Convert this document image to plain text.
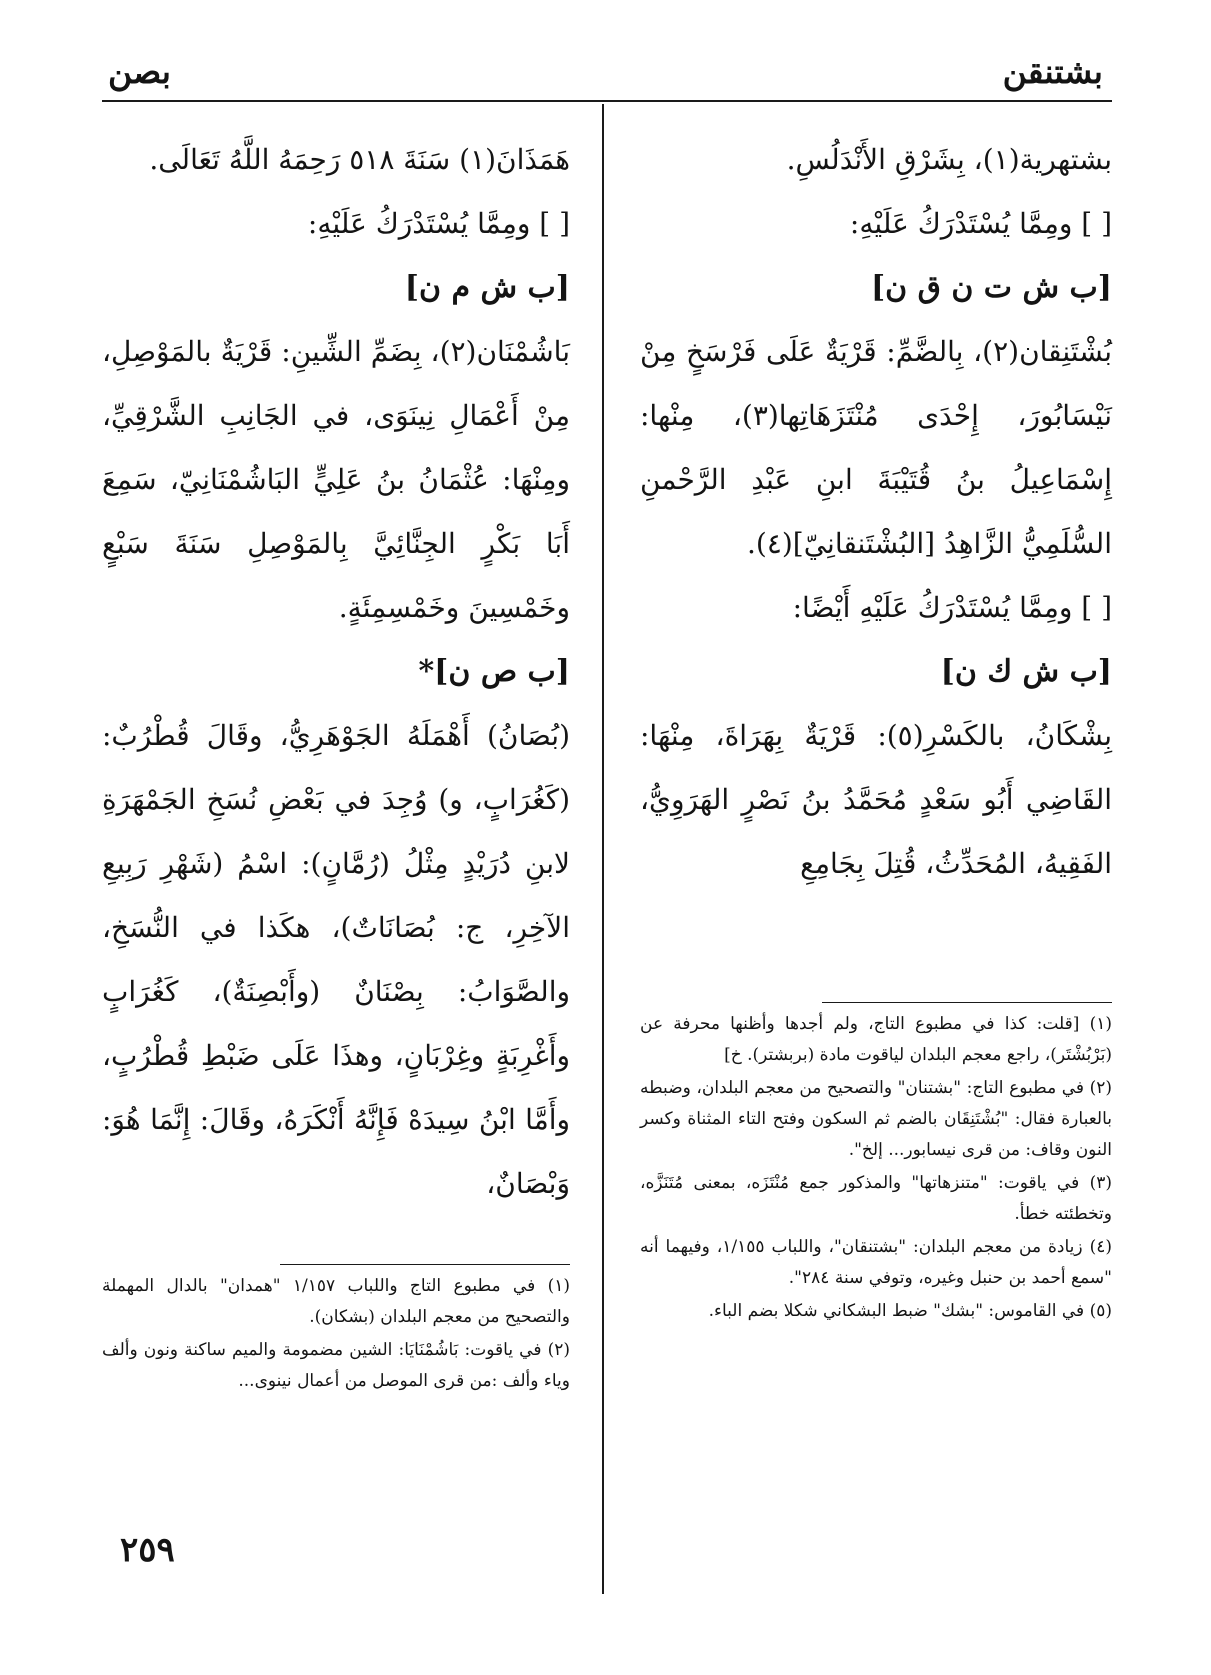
بشتنقن
بصن

بشتهرية(١)، بِشَرْقِ الأَنْدَلُسِ.

[ ] ومِمَّا يُسْتَدْرَكُ عَلَيْهِ:

[ب ش ت ن ق ن]

بُشْتَنِقان(٢)، بِالضَّمِّ: قَرْيَةٌ عَلَى فَرْسَخٍ مِنْ نَيْسَابُورَ، إِحْدَى مُنْتَزَهَاتِها(٣)، مِنْها: إِسْمَاعِيلُ بنُ قُتَيْبَةَ ابنِ عَبْدِ الرَّحْمنِ السُّلَمِيُّ الزَّاهِدُ [البُشْتَنقانِيّ](٤).

[ ] ومِمَّا يُسْتَدْرَكُ عَلَيْهِ أَيْضًا:

[ب ش ك ن]

بِشْكَانُ، بالكَسْرِ(٥): قَرْيَةٌ بِهَرَاةَ، مِنْهَا: القَاضِي أَبُو سَعْدٍ مُحَمَّدُ بنُ نَصْرٍ الهَرَوِيُّ، الفَقِيهُ، المُحَدِّثُ، قُتِلَ بِجَامِعِ

(١) [قلت: كذا في مطبوع التاج، ولم أجدها وأظنها محرفة عن (بَرْبُشْتَر)، راجع معجم البلدان لياقوت مادة (بربشتر). خ]

(٢) في مطبوع التاج: "بشتنان" والتصحيح من معجم البلدان، وضبطه بالعبارة فقال: "بُشْتَنِقَان بالضم ثم السكون وفتح التاء المثناة وكسر النون وقاف: من قرى نيسابور... إلخ".

(٣) في ياقوت: "متنزهاتها" والمذكور جمع مُنْتَزَه، بمعنى مُتَنَزَّه، وتخطئته خطأ.

(٤) زيادة من معجم البلدان: "بشتنقان"، واللباب ١/١٥٥، وفيهما أنه "سمع أحمد بن حنبل وغيره، وتوفي سنة ٢٨٤".

(٥) في القاموس: "بشك" ضبط البشكاني شكلا بضم الباء.

هَمَذَانَ(١) سَنَةَ ٥١٨ رَحِمَهُ اللَّهُ تَعَالَى.

[ ] ومِمَّا يُسْتَدْرَكُ عَلَيْهِ:

[ب ش م ن]

بَاشُمْنَان(٢)، بِضَمِّ الشِّينِ: قَرْيَةٌ بالمَوْصِلِ، مِنْ أَعْمَالِ نِينَوَى، في الجَانِبِ الشَّرْقِيِّ، ومِنْهَا: عُثْمَانُ بنُ عَلِيٍّ البَاشُمْنَانِيّ، سَمِعَ أَبَا بَكْرٍ الجِنَّائِيَّ بِالمَوْصِلِ سَنَةَ سَبْعٍ وخَمْسِينَ وخَمْسِمِئَةٍ.

[ب ص ن]*

(بُصَانُ) أَهْمَلَهُ الجَوْهَرِيُّ، وقَالَ قُطْرُبٌ: (كَغُرَابٍ، و) وُجِدَ في بَعْضِ نُسَخِ الجَمْهَرَةِ لابنِ دُرَيْدٍ مِثْلُ (رُمَّانٍ): اسْمُ (شَهْرِ رَبِيعِ الآخِرِ، ج: بُصَانَاتٌ)، هكَذا في النُّسَخِ، والصَّوَابُ: بِصْنَانٌ (وأَبْصِنَةٌ)، كَغُرَابٍ وأَغْرِبَةٍ وغِرْبَانٍ، وهذَا عَلَى ضَبْطِ قُطْرُبٍ، وأَمَّا ابْنُ سِيدَهْ فَإِنَّهُ أَنْكَرَهُ، وقَالَ: إِنَّمَا هُوَ: وَبْصَانٌ،

(١) في مطبوع التاج واللباب ١/١٥٧ "همدان" بالدال المهملة والتصحيح من معجم البلدان (بشكان).

(٢) في ياقوت: بَاشُمْنَايَا: الشين مضمومة والميم ساكنة ونون وألف وياء وألف :من قرى الموصل من أعمال نينوى...

٢٥٩
